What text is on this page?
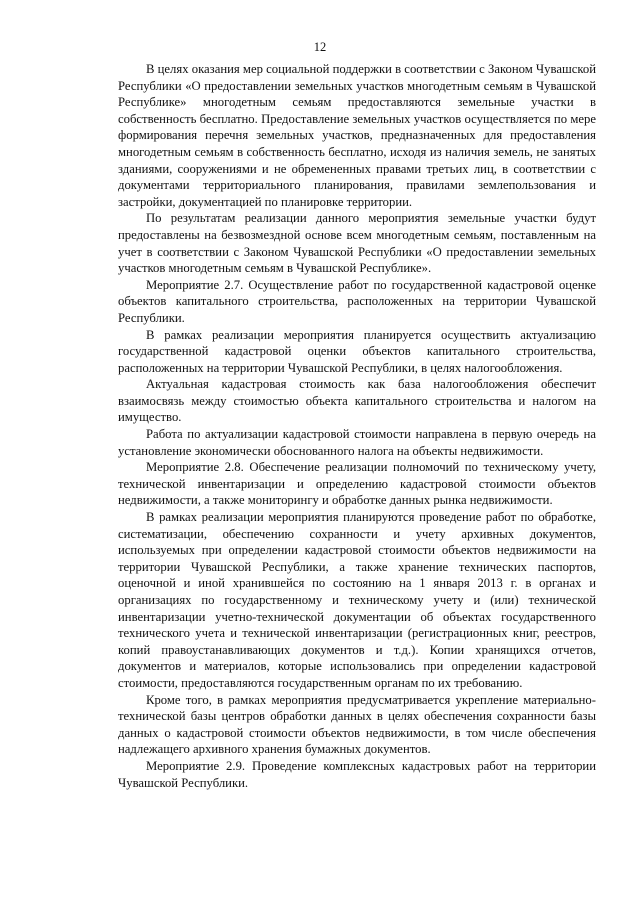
12

В целях оказания мер социальной поддержки в соответствии с Законом Чувашской Республики «О предоставлении земельных участков многодетным семьям в Чувашской Республике» многодетным семьям предоставляются земельные участки в собственность бесплатно. Предоставление земельных участков осуществляется по мере формирования перечня земельных участков, предназначенных для предоставления многодетным семьям в собственность бесплатно, исходя из наличия земель, не занятых зданиями, сооружениями и не обремененных правами третьих лиц, в соответствии с документами территориального планирования, правилами землепользования и застройки, документацией по планировке территории.

По результатам реализации данного мероприятия земельные участки будут предоставлены на безвозмездной основе всем многодетным семьям, поставленным на учет в соответствии с Законом Чувашской Республики «О предоставлении земельных участков многодетным семьям в Чувашской Республике».

Мероприятие 2.7. Осуществление работ по государственной кадастровой оценке объектов капитального строительства, расположенных на территории Чувашской Республики.

В рамках реализации мероприятия планируется осуществить актуализацию государственной кадастровой оценки объектов капитального строительства, расположенных на территории Чувашской Республики, в целях налогообложения.

Актуальная кадастровая стоимость как база налогообложения обеспечит взаимосвязь между стоимостью объекта капитального строительства и налогом на имущество.

Работа по актуализации кадастровой стоимости направлена в первую очередь на установление экономически обоснованного налога на объекты недвижимости.

Мероприятие 2.8. Обеспечение реализации полномочий по техническому учету, технической инвентаризации и определению кадастровой стоимости объектов недвижимости, а также мониторингу и обработке данных рынка недвижимости.

В рамках реализации мероприятия планируются проведение работ по обработке, систематизации, обеспечению сохранности и учету архивных документов, используемых при определении кадастровой стоимости объектов недвижимости на территории Чувашской Республики, а также хранение технических паспортов, оценочной и иной хранившейся по состоянию на 1 января 2013 г. в органах и организациях по государственному и техническому учету и (или) технической инвентаризации учетно-технической документации об объектах государственного технического учета и технической инвентаризации (регистрационных книг, реестров, копий правоустанавливающих документов и т.д.). Копии хранящихся отчетов, документов и материалов, которые использовались при определении кадастровой стоимости, предоставляются государственным органам по их требованию.

Кроме того, в рамках мероприятия предусматривается укрепление материально-технической базы центров обработки данных в целях обеспечения сохранности базы данных о кадастровой стоимости объектов недвижимости, в том числе обеспечения надлежащего архивного хранения бумажных документов.

Мероприятие 2.9. Проведение комплексных кадастровых работ на территории Чувашской Республики.
